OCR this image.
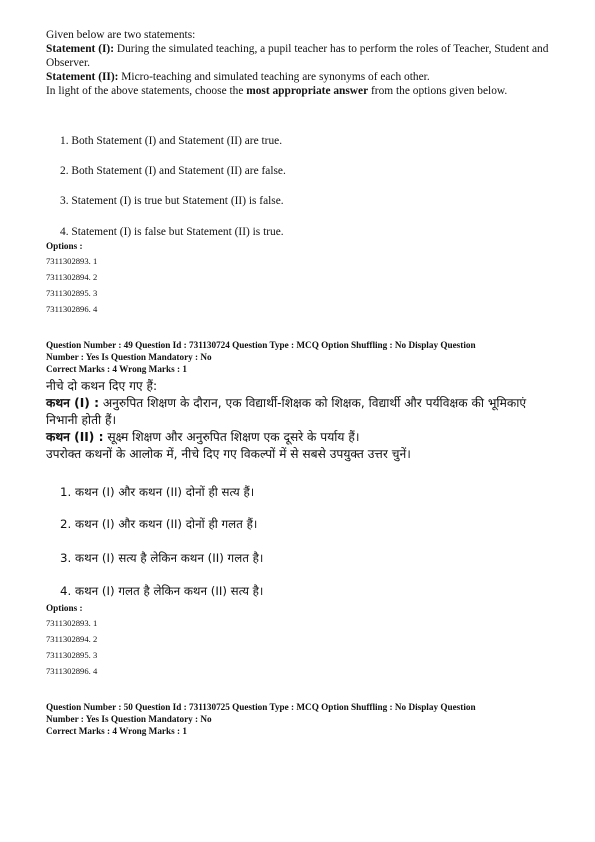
Given below are two statements:

Statement (I): During the simulated teaching, a pupil teacher has to perform the roles of Teacher, Student and Observer.

Statement (II): Micro-teaching and simulated teaching are synonyms of each other.

In light of the above statements, choose the most appropriate answer from the options given below.

1. Both Statement (I) and Statement (II) are true.
2. Both Statement (I) and Statement (II) are false.
3. Statement (I) is true but Statement (II) is false.
4. Statement (I) is false but Statement (II) is true.
Options :
7311302893. 1
7311302894. 2
7311302895. 3
7311302896. 4
Question Number : 49 Question Id : 731130724 Question Type : MCQ Option Shuffling : No Display Question
Number : Yes Is Question Mandatory : No
Correct Marks : 4 Wrong Marks : 1

नीचे दो कथन दिए गए हैं:

कथन (I) : अनुरुपित शिक्षण के दौरान, एक विद्यार्थी-शिक्षक को शिक्षक, विद्यार्थी और पर्यविक्षक की भूमिकाएं निभानी होती हैं।

कथन (II) : सूक्ष्म शिक्षण और अनुरुपित शिक्षण एक दूसरे के पर्याय हैं।

उपरोक्त कथनों के आलोक में, नीचे दिए गए विकल्पों में से सबसे उपयुक्त उत्तर चुनें।

1. कथन (I) और कथन (II) दोनों ही सत्य हैं।
2. कथन (I) और कथन (II) दोनों ही गलत हैं।
3. कथन (I) सत्य है लेकिन कथन (II) गलत है।
4. कथन (I) गलत है लेकिन कथन (II) सत्य है।
Options :
7311302893. 1
7311302894. 2
7311302895. 3
7311302896. 4
Question Number : 50 Question Id : 731130725 Question Type : MCQ Option Shuffling : No Display Question
Number : Yes Is Question Mandatory : No
Correct Marks : 4 Wrong Marks : 1
